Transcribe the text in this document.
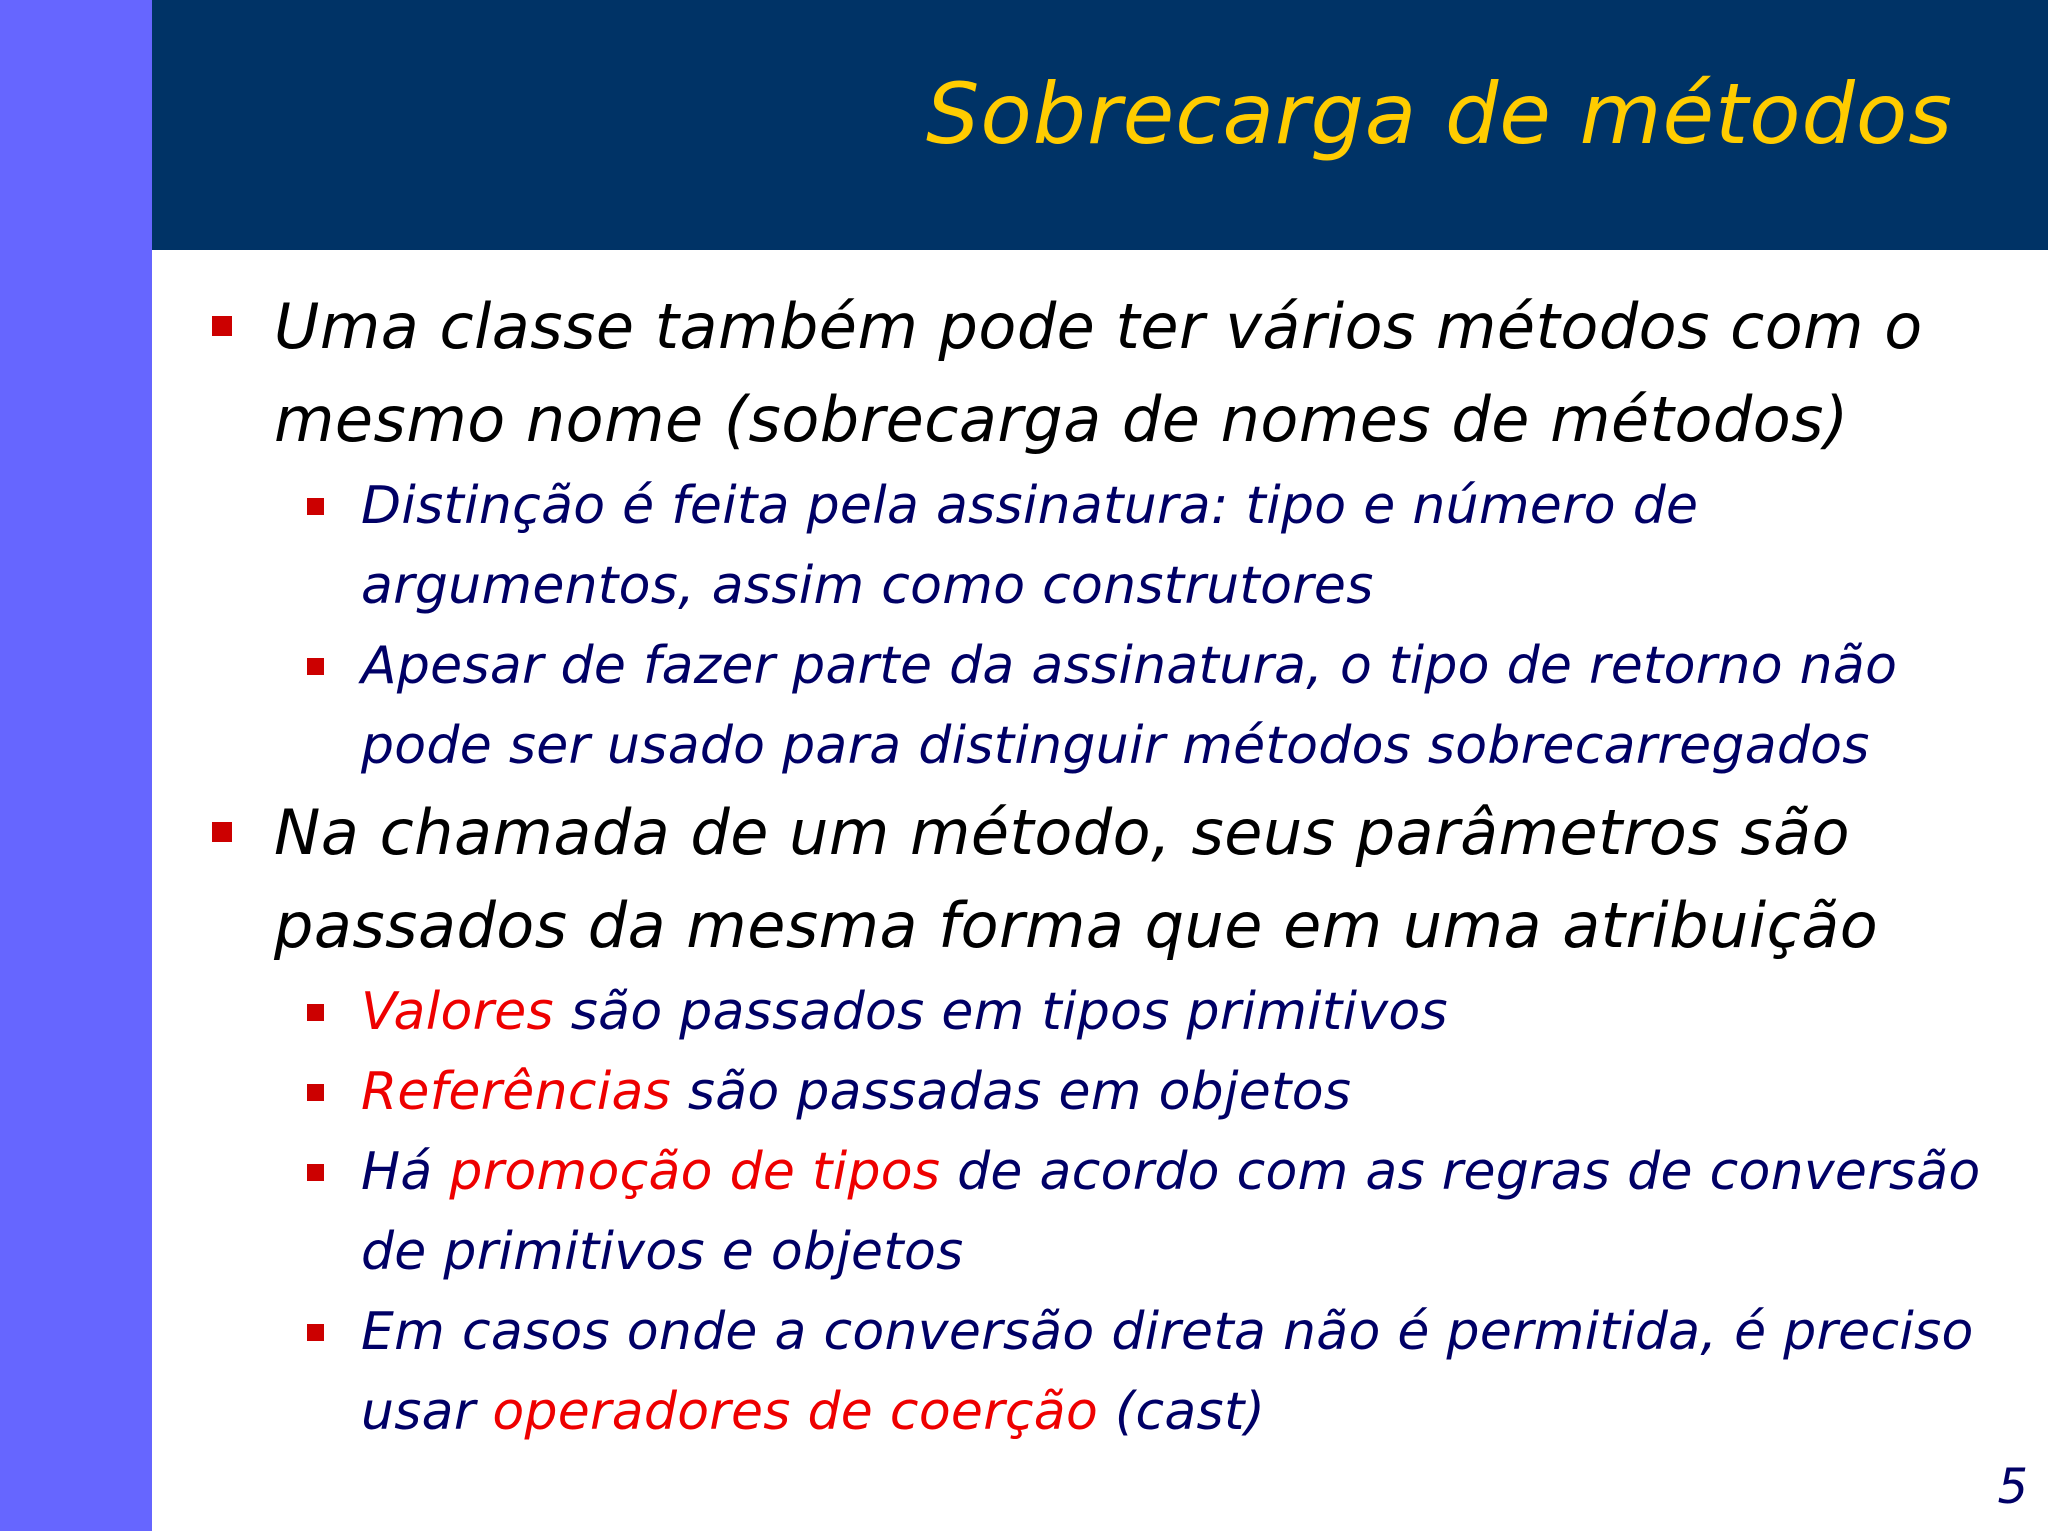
Sobrecarga de métodos
Uma classe também pode ter vários métodos com o mesmo nome (sobrecarga de nomes de métodos)
Distinção é feita pela assinatura: tipo e número de argumentos, assim como construtores
Apesar de fazer parte da assinatura, o tipo de retorno não pode ser usado para distinguir métodos sobrecarregados
Na chamada de um método, seus parâmetros são passados da mesma forma que em uma atribuição
Valores são passados em tipos primitivos
Referências são passadas em objetos
Há promoção de tipos de acordo com as regras de conversão de primitivos e objetos
Em casos onde a conversão direta não é permitida, é preciso usar operadores de coerção (cast)
5
